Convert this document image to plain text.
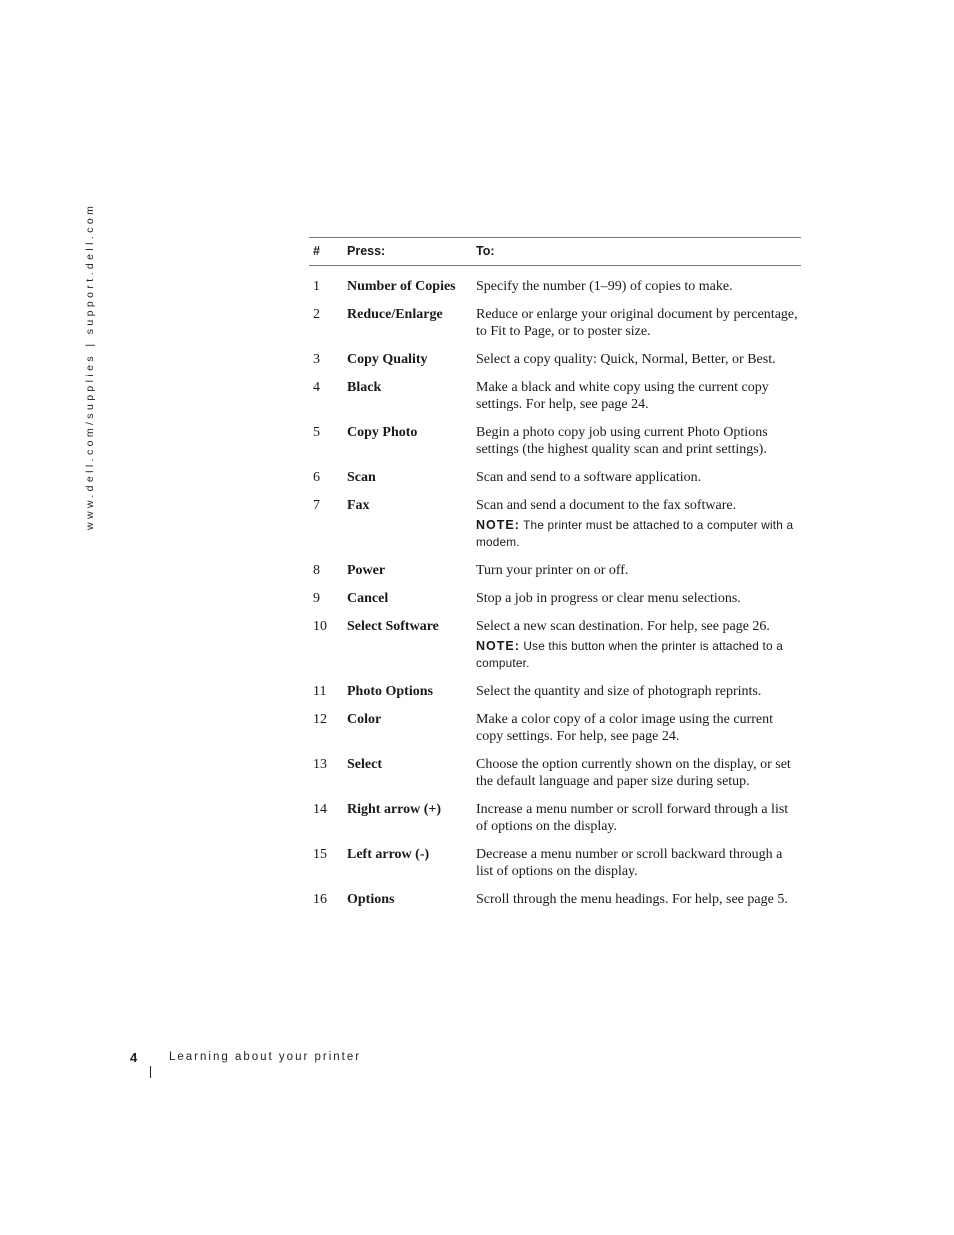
www.dell.com/supplies | support.dell.com	#	Press:	To:
1	Number of Copies	Specify the number (1–99) of copies to make.

2	Reduce/Enlarge	Reduce or enlarge your original document by percentage, to Fit to Page, or to poster size.

3	Copy Quality	Select a copy quality: Quick, Normal, Better, or Best.

4	Black	Make a black and white copy using the current copy settings. For help, see page 24.

5	Copy Photo	Begin a photo copy job using current Photo Options settings (the highest quality scan and print settings).

6	Scan	Scan and send to a software application.

7	Fax	Scan and send a document to the fax software.
NOTE: The printer must be attached to a computer with a modem.

8	Power	Turn your printer on or off.

9	Cancel	Stop a job in progress or clear menu selections.

10	Select Software	Select a new scan destination. For help, see page 26.
NOTE: Use this button when the printer is attached to a computer.

11	Photo Options	Select the quantity and size of photograph reprints.

12	Color	Make a color copy of a color image using the current copy settings. For help, see page 24.

13	Select	Choose the option currently shown on the display, or set the default language and paper size during setup.

14	Right arrow (+)	Increase a menu number or scroll forward through a list of options on the display.

15	Left arrow (-)	Decrease a menu number or scroll backward through a list of options on the display.

16	Options	Scroll through the menu headings. For help, see page 5.
4	Learning about your printer
